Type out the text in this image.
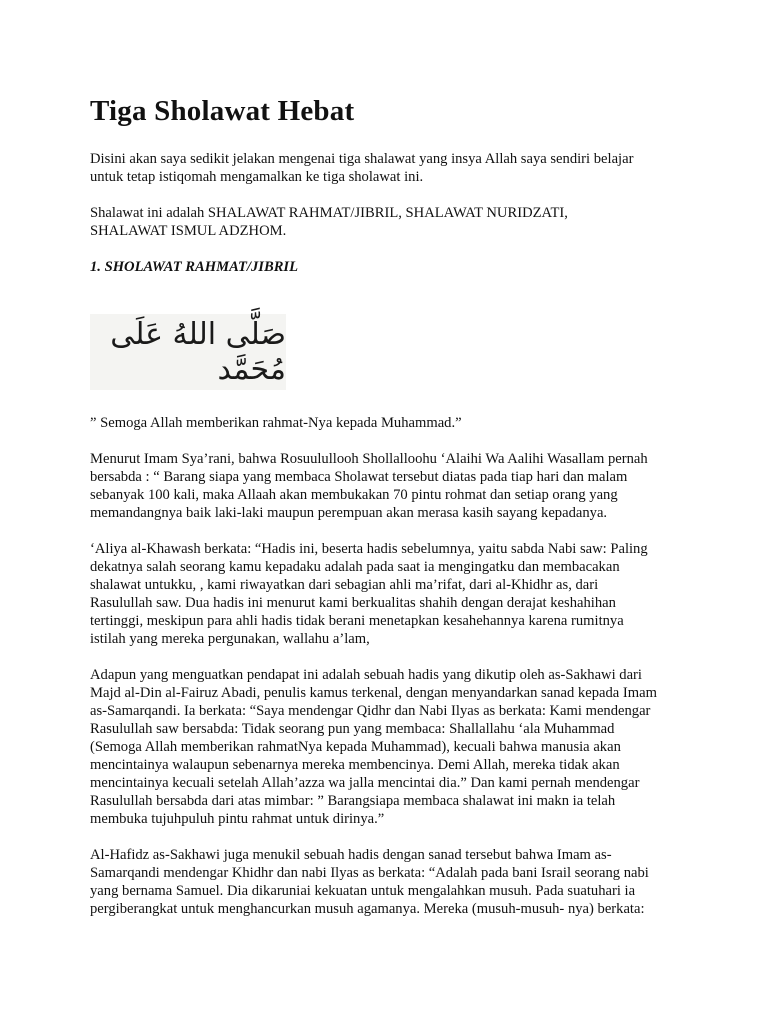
Tiga Sholawat Hebat

Disini akan saya sedikit jelakan mengenai tiga shalawat yang insya Allah saya sendiri belajar
untuk tetap istiqomah mengamalkan ke tiga sholawat ini.

Shalawat ini adalah SHALAWAT RAHMAT/JIBRIL, SHALAWAT NURIDZATI,
SHALAWAT ISMUL ADZHOM.

1. SHOLAWAT RAHMAT/JIBRIL

صَلَّى اللهُ عَلَى مُحَمَّد

” Semoga Allah memberikan rahmat-Nya kepada Muhammad.”

Menurut Imam Sya’rani, bahwa Rosuulullooh Shollalloohu ‘Alaihi Wa Aalihi Wasallam pernah
bersabda : “ Barang siapa yang membaca Sholawat tersebut diatas pada tiap hari dan malam
sebanyak 100 kali, maka Allaah akan membukakan 70 pintu rohmat dan setiap orang yang
memandangnya baik laki-laki maupun perempuan akan merasa kasih sayang kepadanya.

‘Aliya al-Khawash berkata: “Hadis ini, beserta hadis sebelumnya, yaitu sabda Nabi saw: Paling
dekatnya salah seorang kamu kepadaku adalah pada saat ia mengingatku dan membacakan
shalawat untukku, , kami riwayatkan dari sebagian ahli ma’rifat, dari al-Khidhr as, dari
Rasulullah saw. Dua hadis ini menurut kami berkualitas shahih dengan derajat keshahihan
tertinggi, meskipun para ahli hadis tidak berani menetapkan kesahehannya karena rumitnya
istilah yang mereka pergunakan, wallahu a’lam,

Adapun yang menguatkan pendapat ini adalah sebuah hadis yang dikutip oleh as-Sakhawi dari
Majd al-Din al-Fairuz Abadi, penulis kamus terkenal, dengan menyandarkan sanad kepada Imam
as-Samarqandi. Ia berkata: “Saya mendengar Qidhr dan Nabi Ilyas as berkata: Kami mendengar
Rasulullah saw bersabda: Tidak seorang pun yang membaca: Shallallahu ‘ala Muhammad
(Semoga Allah memberikan rahmatNya kepada Muhammad), kecuali bahwa manusia akan
mencintainya walaupun sebenarnya mereka membencinya. Demi Allah, mereka tidak akan
mencintainya kecuali setelah Allah’azza wa jalla mencintai dia.” Dan kami pernah mendengar
Rasulullah bersabda dari atas mimbar: ” Barangsiapa membaca shalawat ini makn ia telah
membuka tujuhpuluh pintu rahmat untuk dirinya.”

Al-Hafidz as-Sakhawi juga menukil sebuah hadis dengan sanad tersebut bahwa Imam as-
Samarqandi mendengar Khidhr dan nabi Ilyas as berkata: “Adalah pada bani Israil seorang nabi
yang bernama Samuel. Dia dikaruniai kekuatan untuk mengalahkan musuh. Pada suatuhari ia
pergiberangkat untuk menghancurkan musuh agamanya. Mereka (musuh-musuh- nya) berkata:
